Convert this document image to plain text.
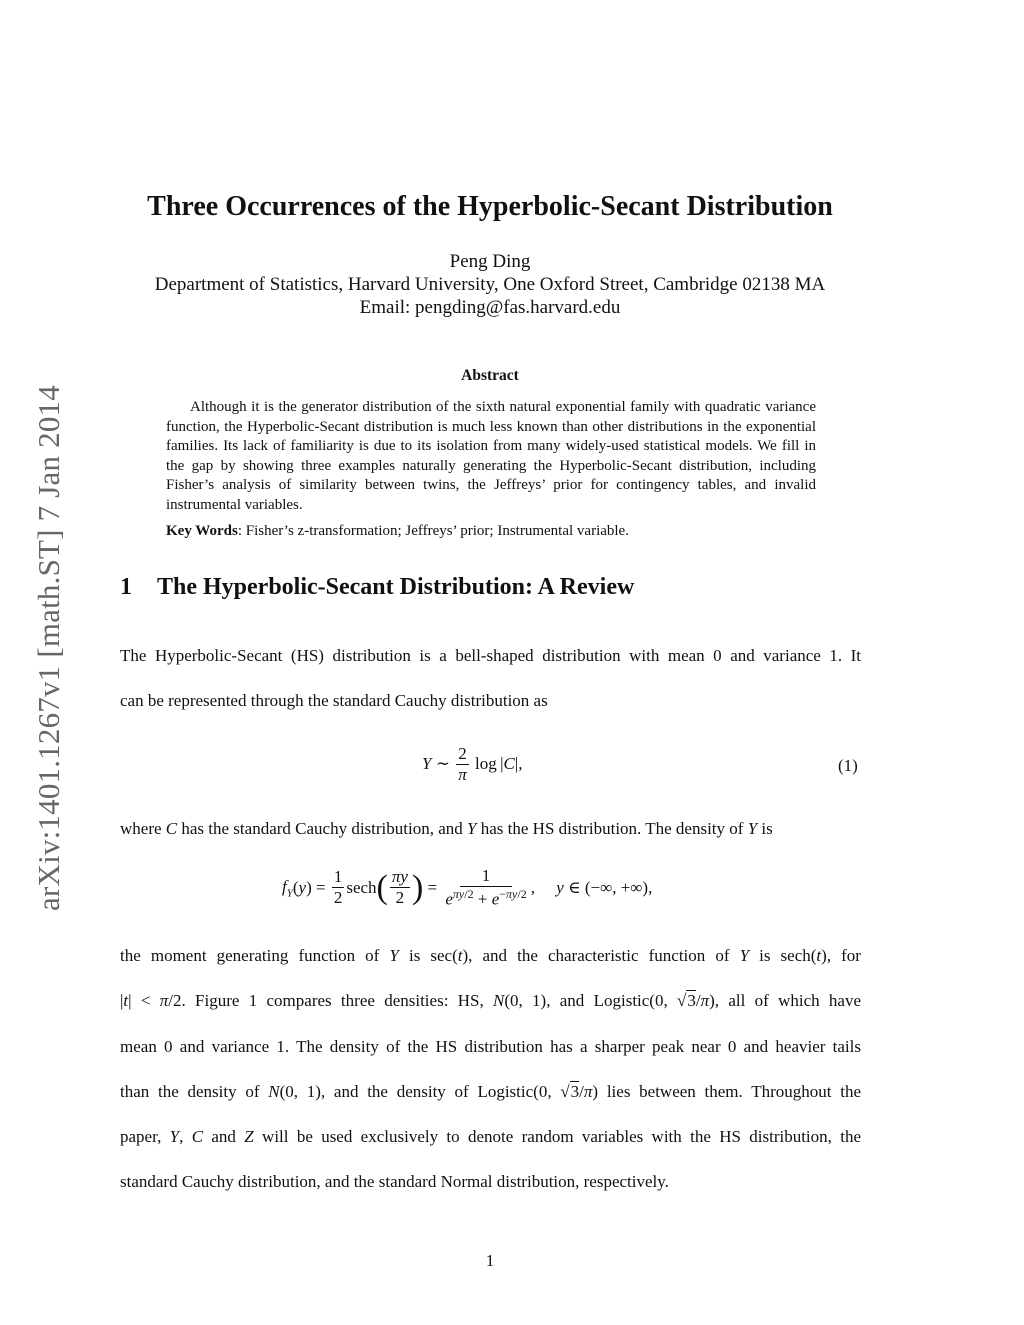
arXiv:1401.1267v1 [math.ST] 7 Jan 2014
Three Occurrences of the Hyperbolic-Secant Distribution
Peng Ding
Department of Statistics, Harvard University, One Oxford Street, Cambridge 02138 MA
Email: pengding@fas.harvard.edu
Abstract
Although it is the generator distribution of the sixth natural exponential family with quadratic variance function, the Hyperbolic-Secant distribution is much less known than other distributions in the exponential families. Its lack of familiarity is due to its isolation from many widely-used statistical models. We fill in the gap by showing three examples naturally generating the Hyperbolic-Secant distribution, including Fisher’s analysis of similarity between twins, the Jeffreys’ prior for contingency tables, and invalid instrumental variables.
Key Words: Fisher’s z-transformation; Jeffreys’ prior; Instrumental variable.
1 The Hyperbolic-Secant Distribution: A Review
The Hyperbolic-Secant (HS) distribution is a bell-shaped distribution with mean 0 and variance 1. It
can be represented through the standard Cauchy distribution as
Y ∼ $\frac{2}{\pi}$ log | C |,	(1)
where C has the standard Cauchy distribution, and Y has the HS distribution. The density of Y is
$f_Y$ ( y ) = $\frac{1}{2}$ sech ( $\frac{\pi y}{2}$ ) = $\frac{1}{e^{\pi y/2} + e^{-\pi y/2}}$ , y ∈ (−∞, +∞),
the moment generating function of Y is sec(t), and the characteristic function of Y is sech(t), for
|t| < π/2. Figure 1 compares three densities: HS, N(0, 1), and Logistic(0, √3/π), all of which have
mean 0 and variance 1. The density of the HS distribution has a sharper peak near 0 and heavier tails
than the density of N(0, 1), and the density of Logistic(0, √3/π) lies between them. Throughout the
paper, Y, C and Z will be used exclusively to denote random variables with the HS distribution, the
standard Cauchy distribution, and the standard Normal distribution, respectively.
1
